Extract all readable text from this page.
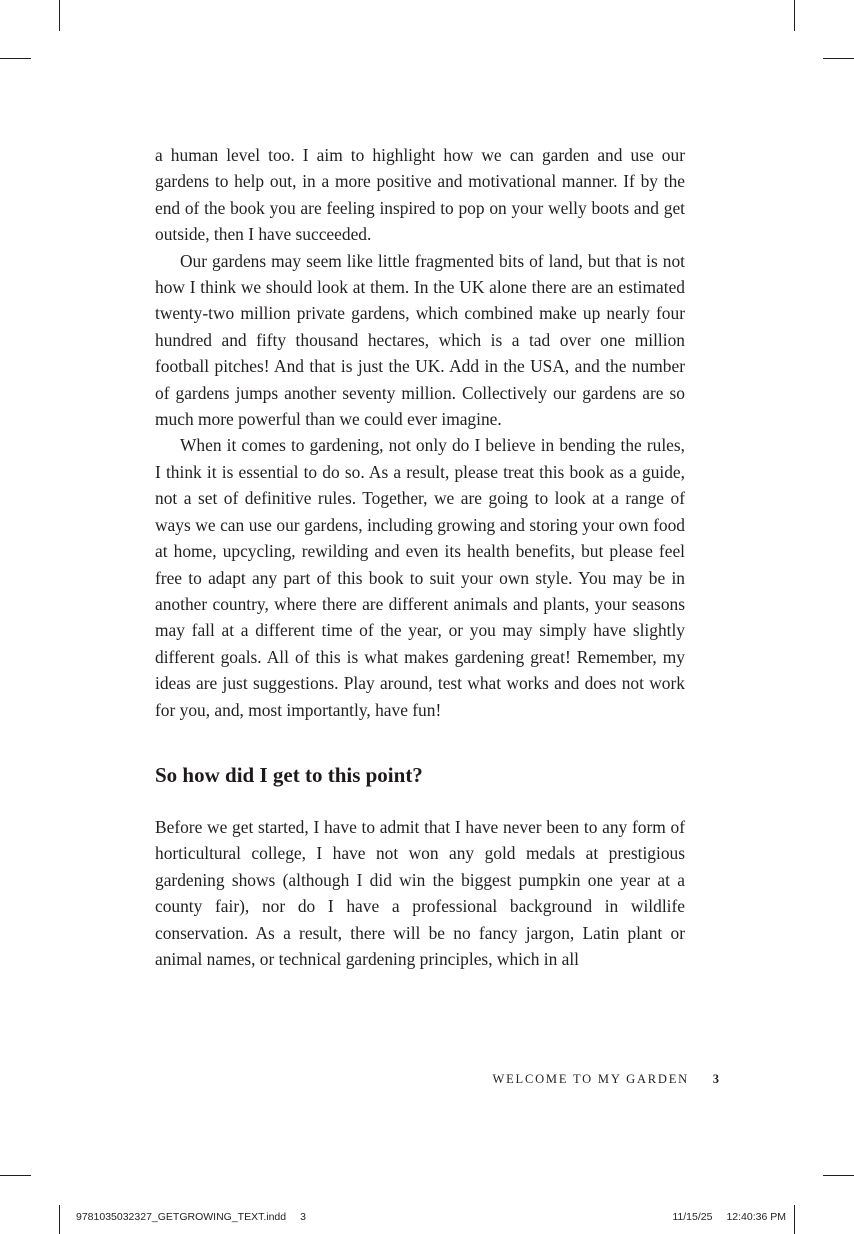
a human level too. I aim to highlight how we can garden and use our gardens to help out, in a more positive and motivational manner. If by the end of the book you are feeling inspired to pop on your welly boots and get outside, then I have succeeded.

Our gardens may seem like little fragmented bits of land, but that is not how I think we should look at them. In the UK alone there are an estimated twenty-two million private gardens, which combined make up nearly four hundred and fifty thousand hectares, which is a tad over one million football pitches! And that is just the UK. Add in the USA, and the number of gardens jumps another seventy million. Collectively our gardens are so much more powerful than we could ever imagine.

When it comes to gardening, not only do I believe in bending the rules, I think it is essential to do so. As a result, please treat this book as a guide, not a set of definitive rules. Together, we are going to look at a range of ways we can use our gardens, including growing and storing your own food at home, upcycling, rewilding and even its health benefits, but please feel free to adapt any part of this book to suit your own style. You may be in another country, where there are different animals and plants, your seasons may fall at a different time of the year, or you may simply have slightly different goals. All of this is what makes gardening great! Remember, my ideas are just suggestions. Play around, test what works and does not work for you, and, most importantly, have fun!

So how did I get to this point?

Before we get started, I have to admit that I have never been to any form of horticultural college, I have not won any gold medals at prestigious gardening shows (although I did win the biggest pumpkin one year at a county fair), nor do I have a professional background in wildlife conservation. As a result, there will be no fancy jargon, Latin plant or animal names, or technical gardening principles, which in all

WELCOME TO MY GARDEN 3
9781035032327_GETGROWING_TEXT.indd 3	11/15/25 12:40:36 PM
